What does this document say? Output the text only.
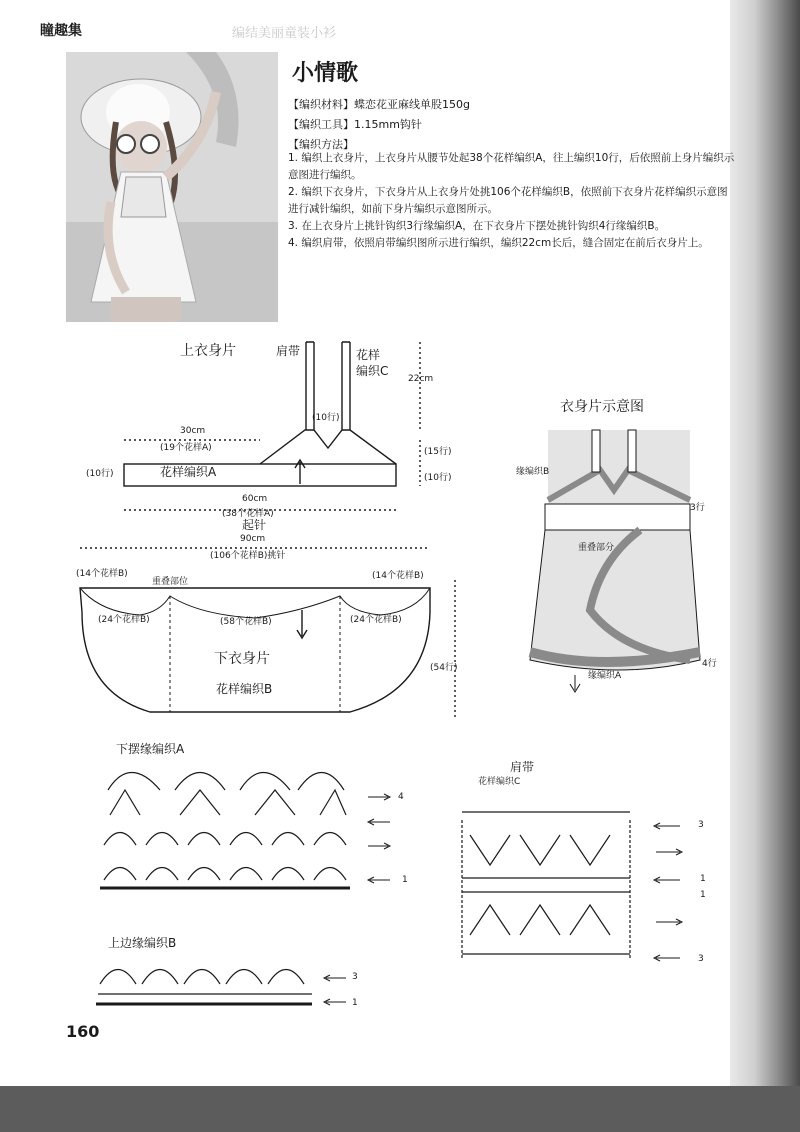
瞳趣集	编结美丽童装小衫
小情歌
【编织材料】蝶恋花亚麻线单股150g
【编织工具】1.15mm钩针
【编织方法】

1. 编织上衣身片，上衣身片从腰节处起38个花样编织A，往上编织10行，后依照前上身片编织示意图进行编织。

2. 编织下衣身片，下衣身片从上衣身片处挑106个花样编织B，依照前下衣身片花样编织示意图进行减针编织，如前下身片编织示意图所示。

3. 在上衣身片上挑针钩织3行缘编织A，在下衣身片下摆处挑针钩织4行缘编织B。

4. 编织肩带，依照肩带编织图所示进行编织，编织22cm长后，缝合固定在前后衣身片上。

上衣身片	肩带	花样
编织C
22cm
(10行)
30cm
(19个花样A)	(15行)
(10行)	花样编织A	(10行)
60cm
(38个花样A)
起针
90cm
(106个花样B)挑针
(14个花样B)
重叠部位
(14个花样B)
(24个花样B)	(58个花样B)	(24个花样B)
下衣身片
花样编织B
(54行)
衣身片示意图
缘编织B
3行
重叠部分
缘编织A
4行
下摆缘编织A
肩带
花样编织C
上边缘编织B
4
1
3
1
1
3
3
1
160
